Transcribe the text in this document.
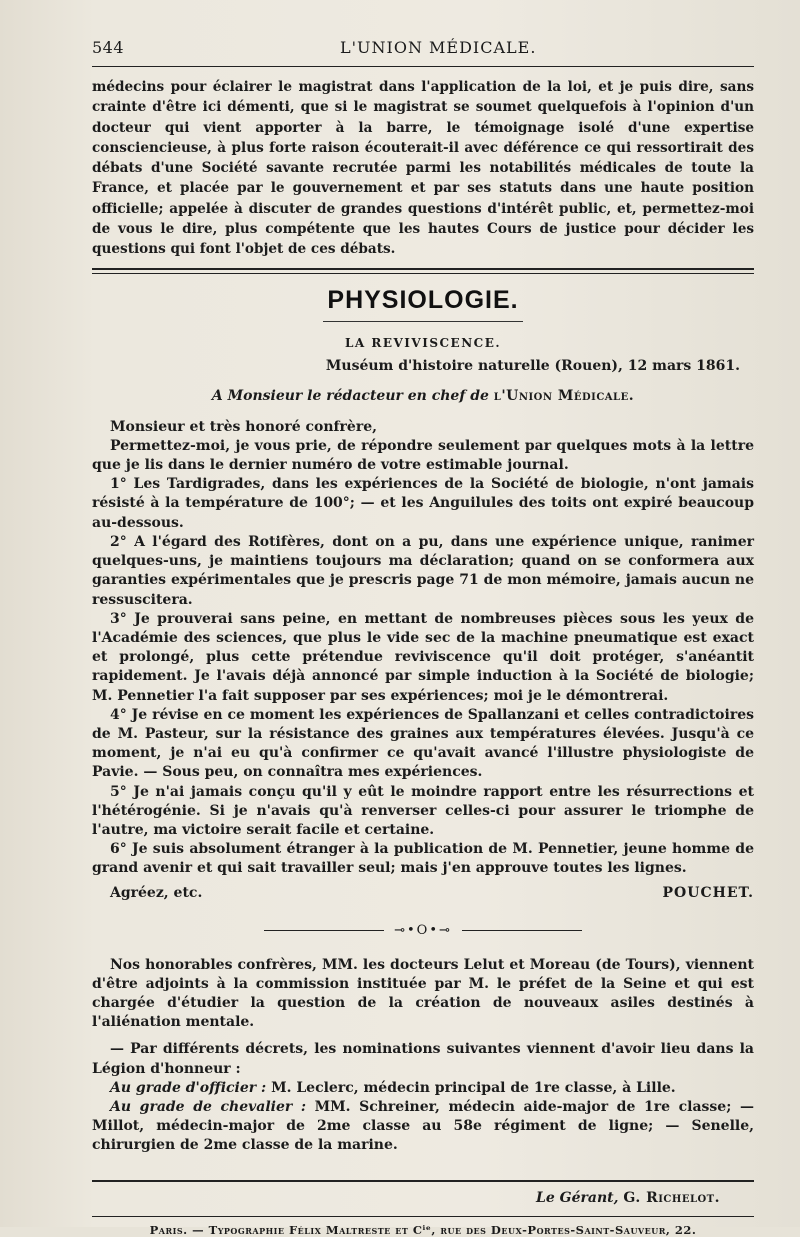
544	L'UNION MÉDICALE.

médecins pour éclairer le magistrat dans l'application de la loi, et je puis dire, sans crainte d'être ici démenti, que si le magistrat se soumet quelquefois à l'opinion d'un docteur qui vient apporter à la barre, le témoignage isolé d'une expertise consciencieuse, à plus forte raison écouterait-il avec déférence ce qui ressortirait des débats d'une Société savante recrutée parmi les notabilités médicales de toute la France, et placée par le gouvernement et par ses statuts dans une haute position officielle; appelée à discuter de grandes questions d'intérêt public, et, permettez-moi de vous le dire, plus compétente que les hautes Cours de justice pour décider les questions qui font l'objet de ces débats.

PHYSIOLOGIE.
LA REVIVISCENCE.
Muséum d'histoire naturelle (Rouen), 12 mars 1861.
A Monsieur le rédacteur en chef de l'Union Médicale.

Monsieur et très honoré confrère,

Permettez-moi, je vous prie, de répondre seulement par quelques mots à la lettre que je lis dans le dernier numéro de votre estimable journal.

1° Les Tardigrades, dans les expériences de la Société de biologie, n'ont jamais résisté à la température de 100°; — et les Anguilules des toits ont expiré beaucoup au-dessous.

2° A l'égard des Rotifères, dont on a pu, dans une expérience unique, ranimer quelques-uns, je maintiens toujours ma déclaration; quand on se conformera aux garanties expérimentales que je prescris page 71 de mon mémoire, jamais aucun ne ressuscitera.

3° Je prouverai sans peine, en mettant de nombreuses pièces sous les yeux de l'Académie des sciences, que plus le vide sec de la machine pneumatique est exact et prolongé, plus cette prétendue reviviscence qu'il doit protéger, s'anéantit rapidement. Je l'avais déjà annoncé par simple induction à la Société de biologie; M. Pennetier l'a fait supposer par ses expériences; moi je le démontrerai.

4° Je révise en ce moment les expériences de Spallanzani et celles contradictoires de M. Pasteur, sur la résistance des graines aux températures élevées. Jusqu'à ce moment, je n'ai eu qu'à confirmer ce qu'avait avancé l'illustre physiologiste de Pavie. — Sous peu, on connaîtra mes expériences.

5° Je n'ai jamais conçu qu'il y eût le moindre rapport entre les résurrections et l'hétérogénie. Si je n'avais qu'à renverser celles-ci pour assurer le triomphe de l'autre, ma victoire serait facile et certaine.

6° Je suis absolument étranger à la publication de M. Pennetier, jeune homme de grand avenir et qui sait travailler seul; mais j'en approuve toutes les lignes.

Agréez, etc.	POUCHET.
⊸•O•⊸

Nos honorables confrères, MM. les docteurs Lelut et Moreau (de Tours), viennent d'être adjoints à la commission instituée par M. le préfet de la Seine et qui est chargée d'étudier la question de la création de nouveaux asiles destinés à l'aliénation mentale.

— Par différents décrets, les nominations suivantes viennent d'avoir lieu dans la Légion d'honneur :

Au grade d'officier : M. Leclerc, médecin principal de 1re classe, à Lille.

Au grade de chevalier : MM. Schreiner, médecin aide-major de 1re classe; — Millot, médecin-major de 2me classe au 58e régiment de ligne; — Senelle, chirurgien de 2me classe de la marine.

Le Gérant, G. Richelot.
Paris. — Typographie Félix Maltreste et Cⁱᵉ, rue des Deux-Portes-Saint-Sauveur, 22.
